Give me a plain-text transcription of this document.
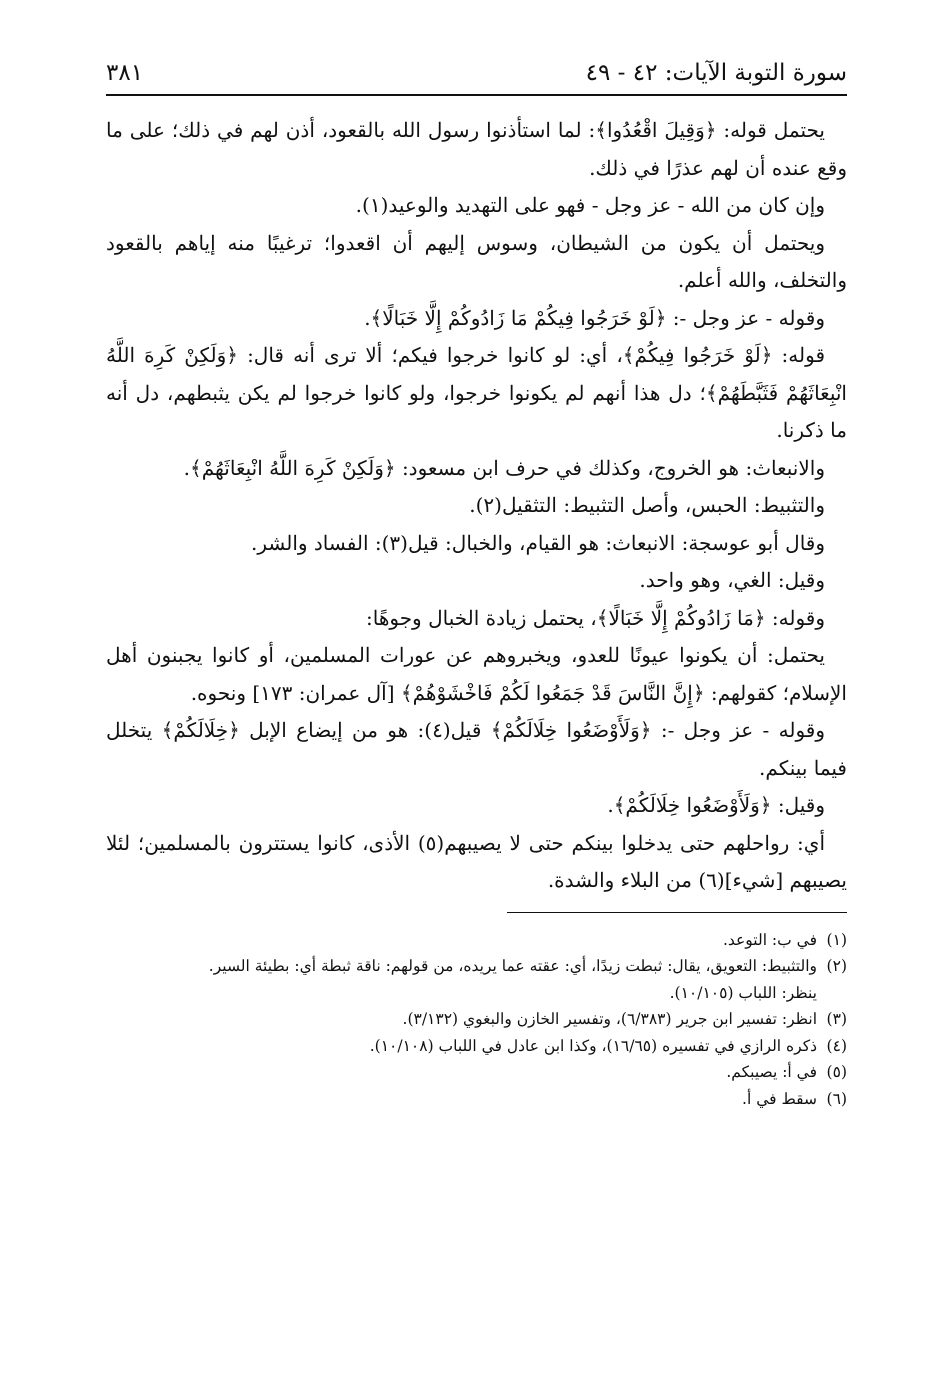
سورة التوبة الآيات: ٤٢ - ٤٩
٣٨١

يحتمل قوله: ﴿وَقِيلَ اقْعُدُوا﴾: لما استأذنوا رسول الله بالقعود، أذن لهم في ذلك؛ على ما وقع عنده أن لهم عذرًا في ذلك.

وإن كان من الله - عز وجل - فهو على التهديد والوعيد(١).

ويحتمل أن يكون من الشيطان، وسوس إليهم أن اقعدوا؛ ترغيبًا منه إياهم بالقعود والتخلف، والله أعلم.

وقوله - عز وجل -: ﴿لَوْ خَرَجُوا فِيكُمْ مَا زَادُوكُمْ إِلَّا خَبَالًا﴾.

قوله: ﴿لَوْ خَرَجُوا فِيكُمْ﴾، أي: لو كانوا خرجوا فيكم؛ ألا ترى أنه قال: ﴿وَلَكِنْ كَرِهَ اللَّهُ انْبِعَاثَهُمْ فَثَبَّطَهُمْ﴾؛ دل هذا أنهم لم يكونوا خرجوا، ولو كانوا خرجوا لم يكن يثبطهم، دل أنه ما ذكرنا.

والانبعاث: هو الخروج، وكذلك في حرف ابن مسعود: ﴿وَلَكِنْ كَرِهَ اللَّهُ انْبِعَاثَهُمْ﴾.

والتثبيط: الحبس، وأصل التثبيط: التثقيل(٢).

وقال أبو عوسجة: الانبعاث: هو القيام، والخبال: قيل(٣): الفساد والشر.

وقيل: الغي، وهو واحد.

وقوله: ﴿مَا زَادُوكُمْ إِلَّا خَبَالًا﴾، يحتمل زيادة الخبال وجوهًا:

يحتمل: أن يكونوا عيونًا للعدو، ويخبروهم عن عورات المسلمين، أو كانوا يجبنون أهل الإسلام؛ كقولهم: ﴿إِنَّ النَّاسَ قَدْ جَمَعُوا لَكُمْ فَاخْشَوْهُمْ﴾ [آل عمران: ١٧٣] ونحوه.

وقوله - عز وجل -: ﴿وَلَأَوْضَعُوا خِلَالَكُمْ﴾ قيل(٤): هو من إيضاع الإبل ﴿خِلَالَكُمْ﴾ يتخلل فيما بينكم.

وقيل: ﴿وَلَأَوْضَعُوا خِلَالَكُمْ﴾.

أي: رواحلهم حتى يدخلوا بينكم حتى لا يصيبهم(٥) الأذى، كانوا يستترون بالمسلمين؛ لئلا يصيبهم [شيء](٦) من البلاء والشدة.

(١)
في ب: التوعد.
(٢)
والتثبيط: التعويق، يقال: ثبطت زيدًا، أي: عقته عما يريده، من قولهم: ناقة ثبطة أي: بطيئة السير.
ينظر: اللباب (١٠/١٠٥).
(٣)
انظر: تفسير ابن جرير (٦/٣٨٣)، وتفسير الخازن والبغوي (٣/١٣٢).
(٤)
ذكره الرازي في تفسيره (١٦/٦٥)، وكذا ابن عادل في اللباب (١٠/١٠٨).
(٥)
في أ: يصيبكم.
(٦)
سقط في أ.
